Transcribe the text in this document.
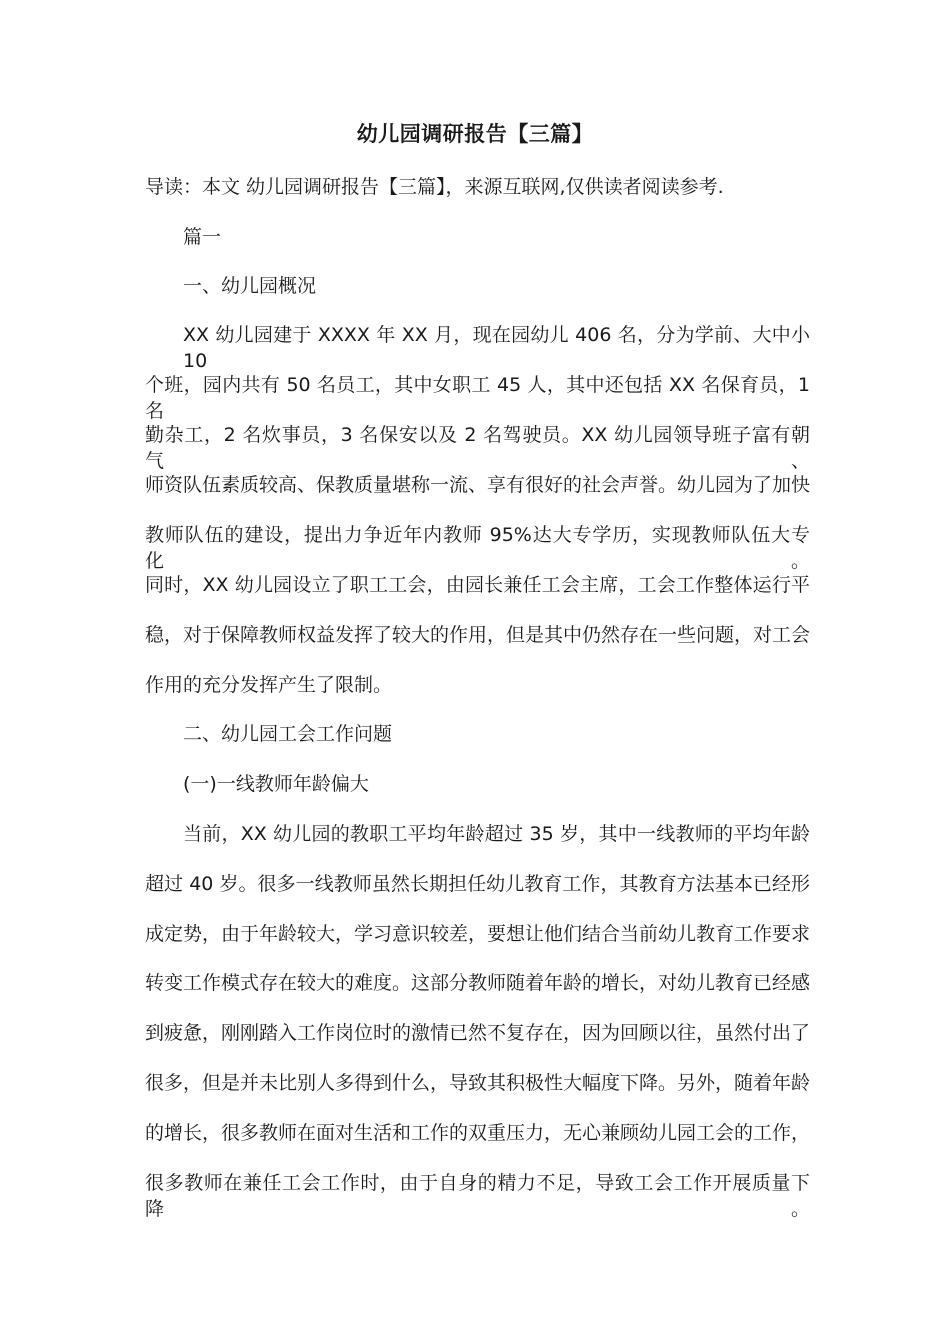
幼儿园调研报告【三篇】

导读：本文 幼儿园调研报告【三篇】，来源互联网,仅供读者阅读参考.

篇一

一、幼儿园概况

XX 幼儿园建于 XXXX 年 XX 月，现在园幼儿 406 名，分为学前、大中小 10

个班，园内共有 50 名员工，其中女职工 45 人，其中还包括 XX 名保育员，1 名

勤杂工，2 名炊事员，3 名保安以及 2 名驾驶员。XX 幼儿园领导班子富有朝气、

师资队伍素质较高、保教质量堪称一流、享有很好的社会声誉。幼儿园为了加快

教师队伍的建设，提出力争近年内教师 95%达大专学历，实现教师队伍大专化。

同时，XX 幼儿园设立了职工工会，由园长兼任工会主席，工会工作整体运行平

稳，对于保障教师权益发挥了较大的作用，但是其中仍然存在一些问题，对工会

作用的充分发挥产生了限制。

二、幼儿园工会工作问题

(一)一线教师年龄偏大

当前，XX 幼儿园的教职工平均年龄超过 35 岁，其中一线教师的平均年龄

超过 40 岁。很多一线教师虽然长期担任幼儿教育工作，其教育方法基本已经形

成定势，由于年龄较大，学习意识较差，要想让他们结合当前幼儿教育工作要求

转变工作模式存在较大的难度。这部分教师随着年龄的增长，对幼儿教育已经感

到疲惫，刚刚踏入工作岗位时的激情已然不复存在，因为回顾以往，虽然付出了

很多，但是并未比别人多得到什么，导致其积极性大幅度下降。另外，随着年龄

的增长，很多教师在面对生活和工作的双重压力，无心兼顾幼儿园工会的工作，

很多教师在兼任工会工作时，由于自身的精力不足，导致工会工作开展质量下降。
